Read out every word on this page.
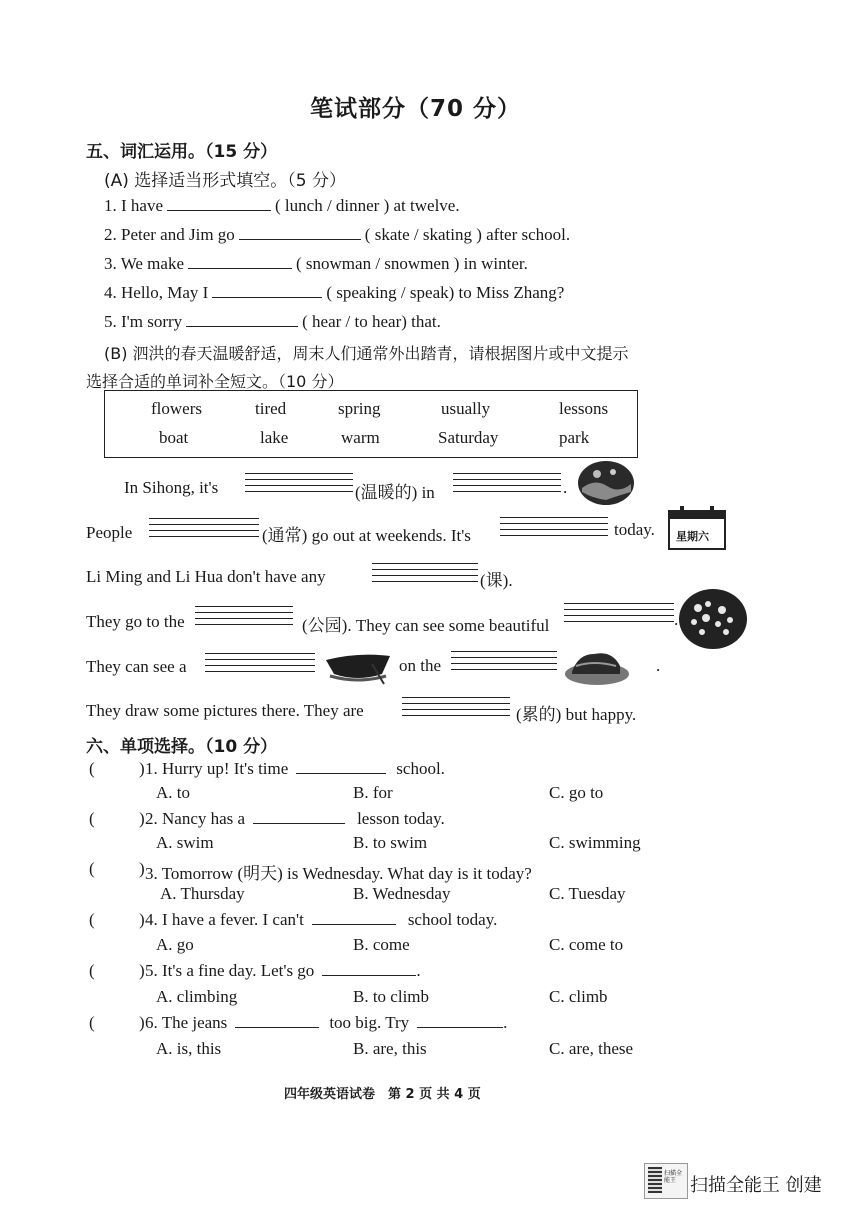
笔试部分（70 分）
五、词汇运用。（15 分）
(A) 选择适当形式填空。（5 分）
1. I have	( lunch / dinner ) at twelve.
2. Peter and Jim go	( skate / skating ) after school.
3. We make	( snowman / snowmen ) in winter.
4. Hello, May I	( speaking / speak) to Miss Zhang?
5. I'm sorry	( hear / to hear) that.
(B) 泗洪的春天温暖舒适，周末人们通常外出踏青，请根据图片或中文提示
选择合适的单词补全短文。（10 分）
flowers	tired	spring	usually	lessons
boat	lake	warm	Saturday	park
In Sihong, it's	(温暖的) in	.
People	(通常) go out at weekends. It's	today. 星期六
Li Ming and Li Hua don't have any	(课).
They go to the	(公园). They can see some beautiful	.
They can see a	on the	.
They draw some pictures there. They are	(累的) but happy.
六、单项选择。（10 分）
(	) 1. Hurry up! It's time	school.
A. to	B. for	C. go to
(	) 2. Nancy has a	lesson today.
A. swim	B. to swim	C. swimming
(	) 3. Tomorrow (明天) is Wednesday. What day is it today?
A. Thursday	B. Wednesday	C. Tuesday
(	) 4. I have a fever. I can't	school today.
A. go	B. come	C. come to
(	) 5. It's a fine day. Let's go	.
A. climbing	B. to climb	C. climb
(	) 6. The jeans	too big. Try	.
A. is, this	B. are, this	C. are, these
四年级英语试卷　第 2 页 共 4 页
扫描全能王 扫描全能王 创建
